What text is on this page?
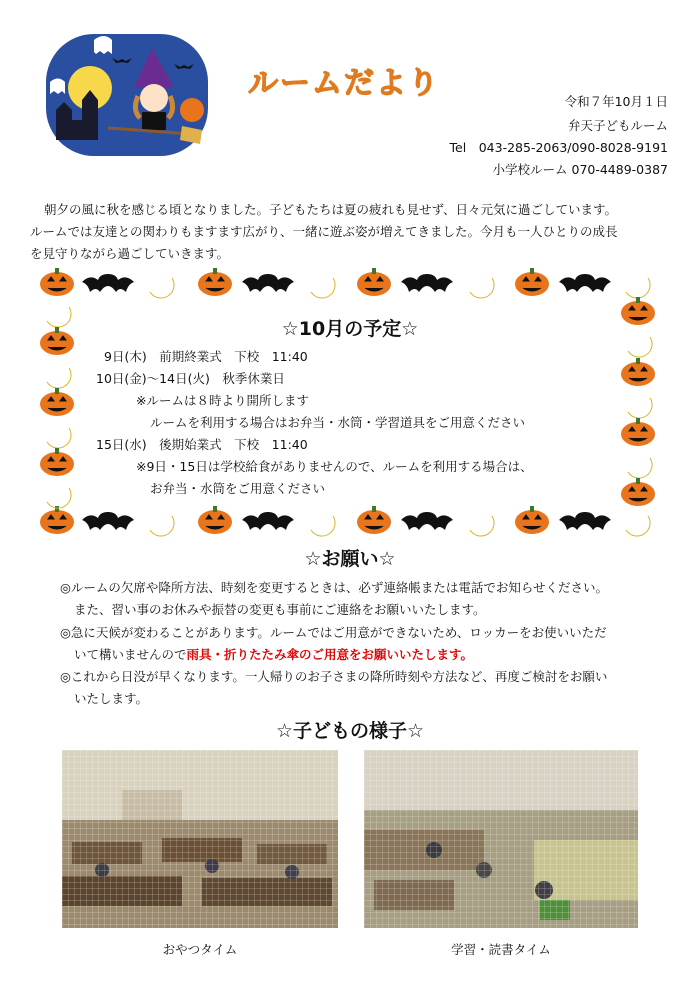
ルームだより
令和７年10月１日
弁天子どもルーム
Tel　043-285-2063/090-8028-9191
小学校ルーム 070-4489-0387
朝夕の風に秋を感じる頃となりました。子どもたちは夏の疲れも見せず、日々元気に過ごしています。
ルームでは友達との関わりもますます広がり、一緒に遊ぶ姿が増えてきました。今月も一人ひとりの成長
を見守りながら過ごしていきます。
☆10月の予定☆
9日(木)　前期終業式　下校　11:40
10日(金)～14日(火)　秋季休業日
※ルームは８時より開所します
ルームを利用する場合はお弁当・水筒・学習道具をご用意ください
15日(水)　後期始業式　下校　11:40
※9日・15日は学校給食がありませんので、ルームを利用する場合は、
お弁当・水筒をご用意ください
☆お願い☆
◎ルームの欠席や降所方法、時刻を変更するときは、必ず連絡帳または電話でお知らせください。
また、習い事のお休みや振替の変更も事前にご連絡をお願いいたします。
◎急に天候が変わることがあります。ルームではご用意ができないため、ロッカーをお使いいただ
いて構いませんので雨具・折りたたみ傘のご用意をお願いいたします。
◎これから日没が早くなります。一人帰りのお子さまの降所時刻や方法など、再度ご検討をお願い
いたします。
☆子どもの様子☆
おやつタイム	学習・読書タイム
